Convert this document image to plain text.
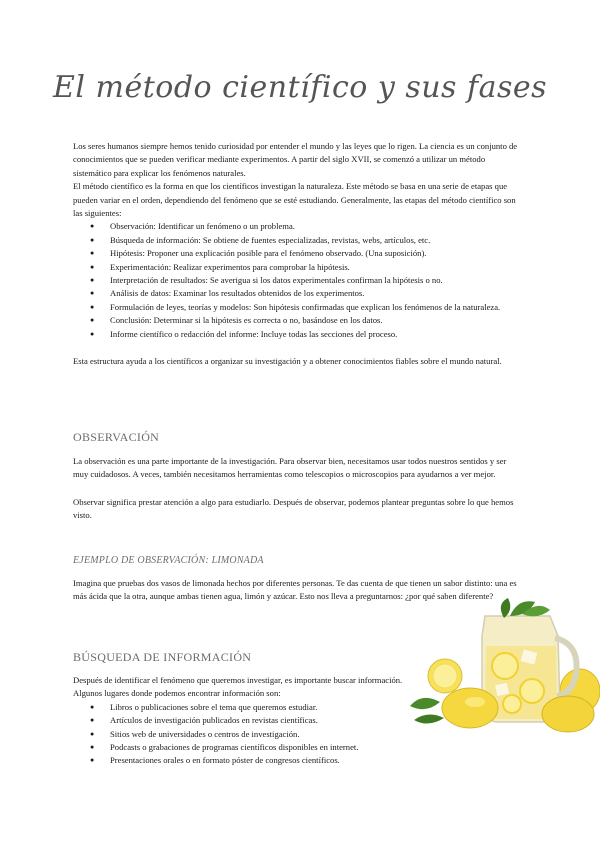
El método científico y sus fases

Los seres humanos siempre hemos tenido curiosidad por entender el mundo y las leyes que lo rigen. La ciencia es un conjunto de conocimientos que se pueden verificar mediante experimentos. A partir del siglo XVII, se comenzó a utilizar un método sistemático para explicar los fenómenos naturales.

El método científico es la forma en que los científicos investigan la naturaleza. Este método se basa en una serie de etapas que pueden variar en el orden, dependiendo del fenómeno que se esté estudiando. Generalmente, las etapas del método científico son las siguientes:

● Observación: Identificar un fenómeno o un problema.
● Búsqueda de información: Se obtiene de fuentes especializadas, revistas, webs, artículos, etc.
● Hipótesis: Proponer una explicación posible para el fenómeno observado. (Una suposición).
● Experimentación: Realizar experimentos para comprobar la hipótesis.
● Interpretación de resultados: Se averigua si los datos experimentales confirman la hipótesis o no.
● Análisis de datos: Examinar los resultados obtenidos de los experimentos.
● Formulación de leyes, teorías y modelos: Son hipótesis confirmadas que explican los fenómenos de la naturaleza.
● Conclusión: Determinar si la hipótesis es correcta o no, basándose en los datos.
● Informe científico o redacción del informe: Incluye todas las secciones del proceso.

Esta estructura ayuda a los científicos a organizar su investigación y a obtener conocimientos fiables sobre el mundo natural.

OBSERVACIÓN

La observación es una parte importante de la investigación. Para observar bien, necesitamos usar todos nuestros sentidos y ser muy cuidadosos. A veces, también necesitamos herramientas como telescopios o microscopios para ayudarnos a ver mejor.

Observar significa prestar atención a algo para estudiarlo. Después de observar, podemos plantear preguntas sobre lo que hemos visto.

EJEMPLO DE OBSERVACIÓN: LIMONADA

Imagina que pruebas dos vasos de limonada hechos por diferentes personas. Te das cuenta de que tienen un sabor distinto: una es más ácida que la otra, aunque ambas tienen agua, limón y azúcar. Esto nos lleva a preguntarnos: ¿por qué saben diferente?

BÚSQUEDA DE INFORMACIÓN

Después de identificar el fenómeno que queremos investigar, es importante buscar información. Algunos lugares donde podemos encontrar información son:

● Libros o publicaciones sobre el tema que queremos estudiar.
● Artículos de investigación publicados en revistas científicas.
● Sitios web de universidades o centros de investigación.
● Podcasts o grabaciones de programas científicos disponibles en internet.
● Presentaciones orales o en formato póster de congresos científicos.
